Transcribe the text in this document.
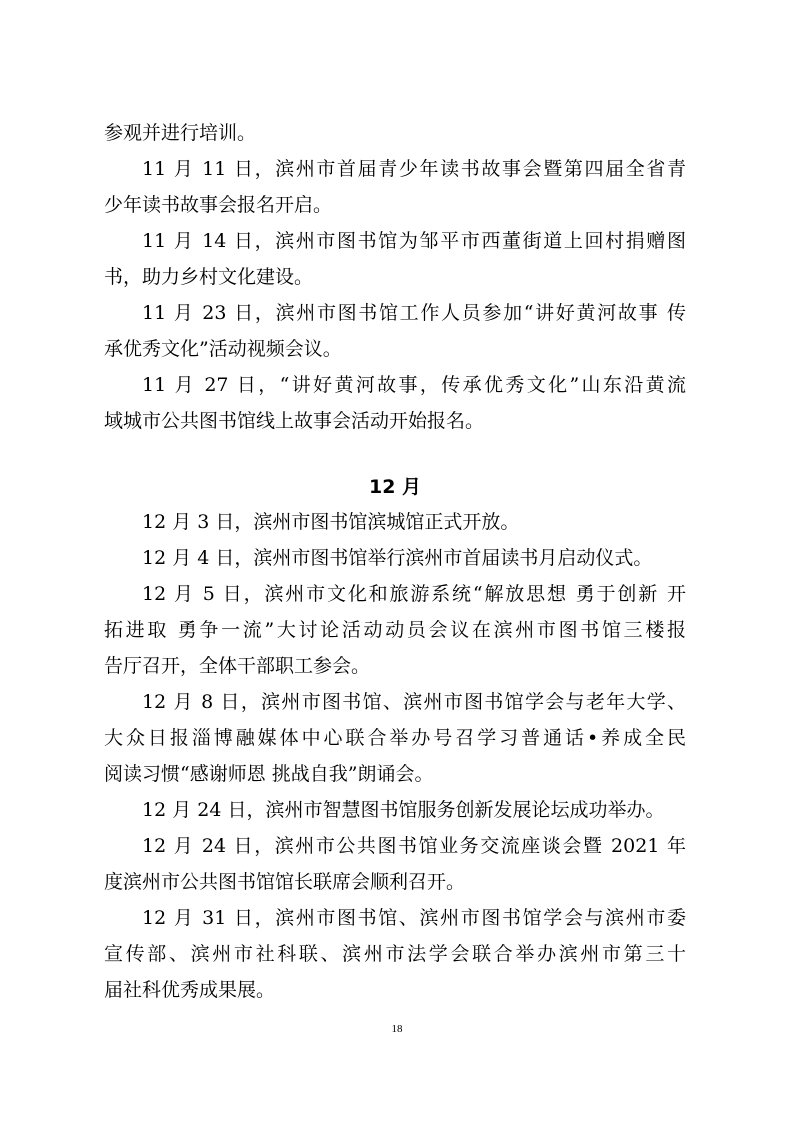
参观并进行培训。
11 月 11 日，滨州市首届青少年读书故事会暨第四届全省青
少年读书故事会报名开启。
11 月 14 日，滨州市图书馆为邹平市西董街道上回村捐赠图
书，助力乡村文化建设。
11 月 23 日，滨州市图书馆工作人员参加“讲好黄河故事 传
承优秀文化”活动视频会议。
11 月 27 日，“讲好黄河故事，传承优秀文化”山东沿黄流
域城市公共图书馆线上故事会活动开始报名。
12 月
12 月 3 日，滨州市图书馆滨城馆正式开放。
12 月 4 日，滨州市图书馆举行滨州市首届读书月启动仪式。
12 月 5 日，滨州市文化和旅游系统“解放思想 勇于创新 开
拓进取 勇争一流”大讨论活动动员会议在滨州市图书馆三楼报
告厅召开，全体干部职工参会。
12 月 8 日，滨州市图书馆、滨州市图书馆学会与老年大学、
大众日报淄博融媒体中心联合举办号召学习普通话•养成全民
阅读习惯“感谢师恩 挑战自我”朗诵会。
12 月 24 日，滨州市智慧图书馆服务创新发展论坛成功举办。
12 月 24 日，滨州市公共图书馆业务交流座谈会暨 2021 年
度滨州市公共图书馆馆长联席会顺利召开。
12 月 31 日，滨州市图书馆、滨州市图书馆学会与滨州市委
宣传部、滨州市社科联、滨州市法学会联合举办滨州市第三十
届社科优秀成果展。
18
